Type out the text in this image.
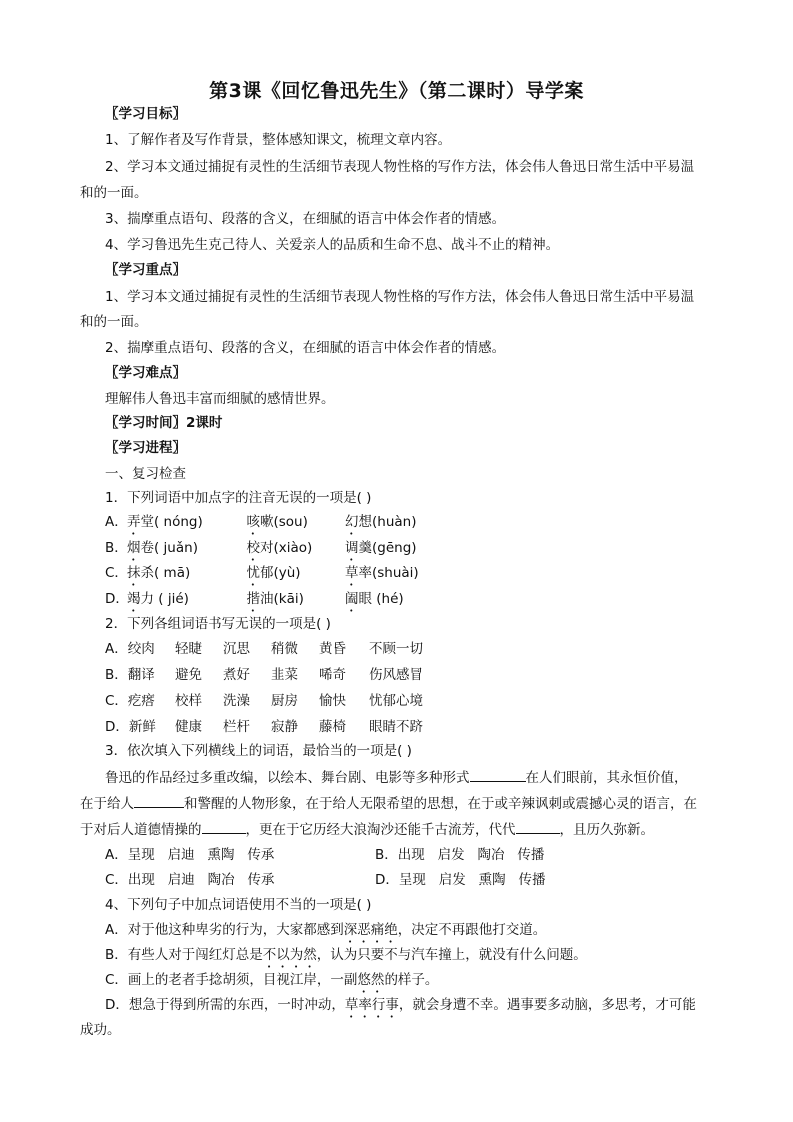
第3课《回忆鲁迅先生》（第二课时）导学案
〖学习目标〗
1、了解作者及写作背景，整体感知课文，梳理文章内容。
2、学习本文通过捕捉有灵性的生活细节表现人物性格的写作方法，体会伟人鲁迅日常生活中平易温
和的一面。
3、揣摩重点语句、段落的含义，在细腻的语言中体会作者的情感。
4、学习鲁迅先生克己待人、关爱亲人的品质和生命不息、战斗不止的精神。
〖学习重点〗
1、学习本文通过捕捉有灵性的生活细节表现人物性格的写作方法，体会伟人鲁迅日常生活中平易温
和的一面。
2、揣摩重点语句、段落的含义，在细腻的语言中体会作者的情感。
〖学习难点〗
理解伟人鲁迅丰富而细腻的感情世界。
〖学习时间〗2课时
〖学习进程〗
一、复习检查
1．下列词语中加点字的注音无误的一项是( )
A．弄堂( nóng)	咳嗽(sou)	幻想(huàn)
B．烟卷( juǎn)	校对(xiào) 调羹(gēng)
C．抹杀( mā)	忧郁(yù)	草率(shuài)
D．竭力 ( jié)	揩油(kāi)	阖眼 (hé)
2．下列各组词语书写无误的一项是( )
A．绞肉 轻睫 沉思 稍微 黄昏 不顾一切
B．翻译 避免 煮好 韭菜 唏奇 伤风感冒
C．疙瘩 校样 洗澡 厨房 愉快 忧郁心境
D．新鲜 健康 栏杆 寂静 藤椅 眼睛不跻
3．依次填入下列横线上的词语，最恰当的一项是( )
鲁迅的作品经过多重改编，以绘本、舞台剧、电影等多种形式	在人们眼前，其永恒价值，
在于给人	和警醒的人物形象，在于给人无限希望的思想，在于或辛辣讽刺或震撼心灵的语言，在
于对后人道德情操的	，更在于它历经大浪淘沙还能千古流芳，代代	，且历久弥新。
A．呈现   启迪   熏陶   传承	B．出现   启发   陶冶   传播
C．出现   启迪   陶冶   传承	D．呈现   启发   熏陶   传播
4、下列句子中加点词语使用不当的一项是( )
A．对于他这种卑劣的行为，大家都感到深恶痛绝，决定不再跟他打交道。
B．有些人对于闯红灯总是不以为然，认为只要不与汽车撞上，就没有什么问题。
C．画上的老者手捻胡须，目视江岸，一副悠然的样子。
D．想急于得到所需的东西，一时冲动，草率行事，就会身遭不幸。遇事要多动脑，多思考，才可能
成功。
